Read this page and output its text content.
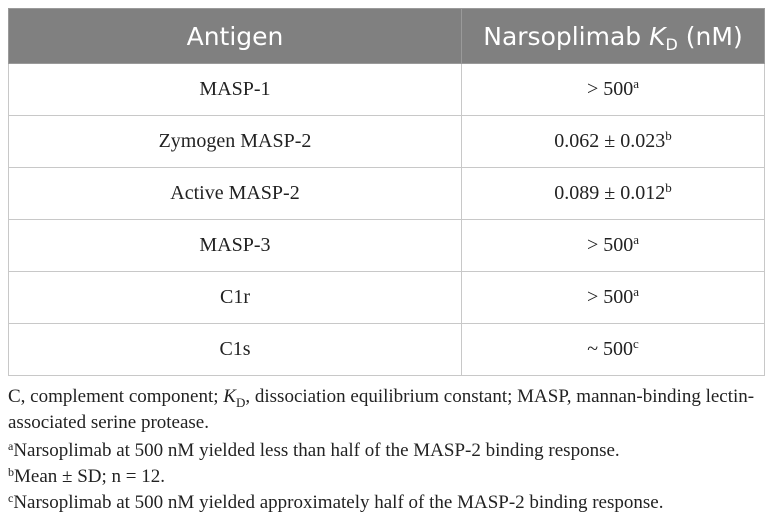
Antigen	Narsoplimab $K_D$ (nM)
MASP-1	> $500^a$
Zymogen MASP-2	0.062 ± 0.023$^b$
Active MASP-2	0.089 ± 0.012$^b$
MASP-3	> $500^a$
C1r	> $500^a$
C1s	~ 500$^c$

C, complement component; $K_D$, dissociation equilibrium constant; MASP, mannan-binding lectin-associated serine protease.

$^a$Narsoplimab at 500 nM yielded less than half of the MASP-2 binding response.

$^b$Mean ± SD; n = 12.

$^c$Narsoplimab at 500 nM yielded approximately half of the MASP-2 binding response.
